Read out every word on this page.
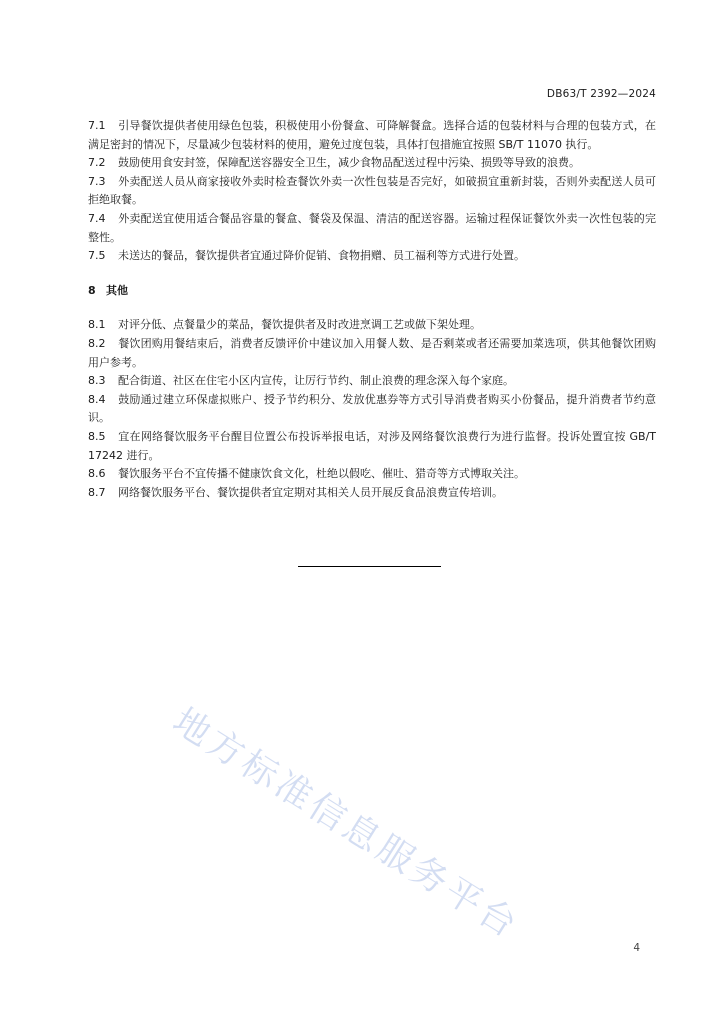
DB63/T 2392—2024

7.1 引导餐饮提供者使用绿色包装，积极使用小份餐盒、可降解餐盒。选择合适的包装材料与合理的包装方式，在满足密封的情况下，尽量减少包装材料的使用，避免过度包装，具体打包措施宜按照 SB/T 11070 执行。

7.2 鼓励使用食安封签，保障配送容器安全卫生，减少食物品配送过程中污染、损毁等导致的浪费。

7.3 外卖配送人员从商家接收外卖时检查餐饮外卖一次性包装是否完好，如破损宜重新封装，否则外卖配送人员可拒绝取餐。

7.4 外卖配送宜使用适合餐品容量的餐盒、餐袋及保温、清洁的配送容器。运输过程保证餐饮外卖一次性包装的完整性。

7.5 未送达的餐品，餐饮提供者宜通过降价促销、食物捐赠、员工福利等方式进行处置。

8 其他

8.1 对评分低、点餐量少的菜品，餐饮提供者及时改进烹调工艺或做下架处理。

8.2 餐饮团购用餐结束后，消费者反馈评价中建议加入用餐人数、是否剩菜或者还需要加菜选项，供其他餐饮团购用户参考。

8.3 配合街道、社区在住宅小区内宣传，让厉行节约、制止浪费的理念深入每个家庭。

8.4 鼓励通过建立环保虚拟账户、授予节约积分、发放优惠券等方式引导消费者购买小份餐品，提升消费者节约意识。

8.5 宜在网络餐饮服务平台醒目位置公布投诉举报电话，对涉及网络餐饮浪费行为进行监督。投诉处置宜按 GB/T 17242 进行。

8.6 餐饮服务平台不宜传播不健康饮食文化，杜绝以假吃、催吐、猎奇等方式博取关注。

8.7 网络餐饮服务平台、餐饮提供者宜定期对其相关人员开展反食品浪费宣传培训。

地方标准信息服务平台
4
